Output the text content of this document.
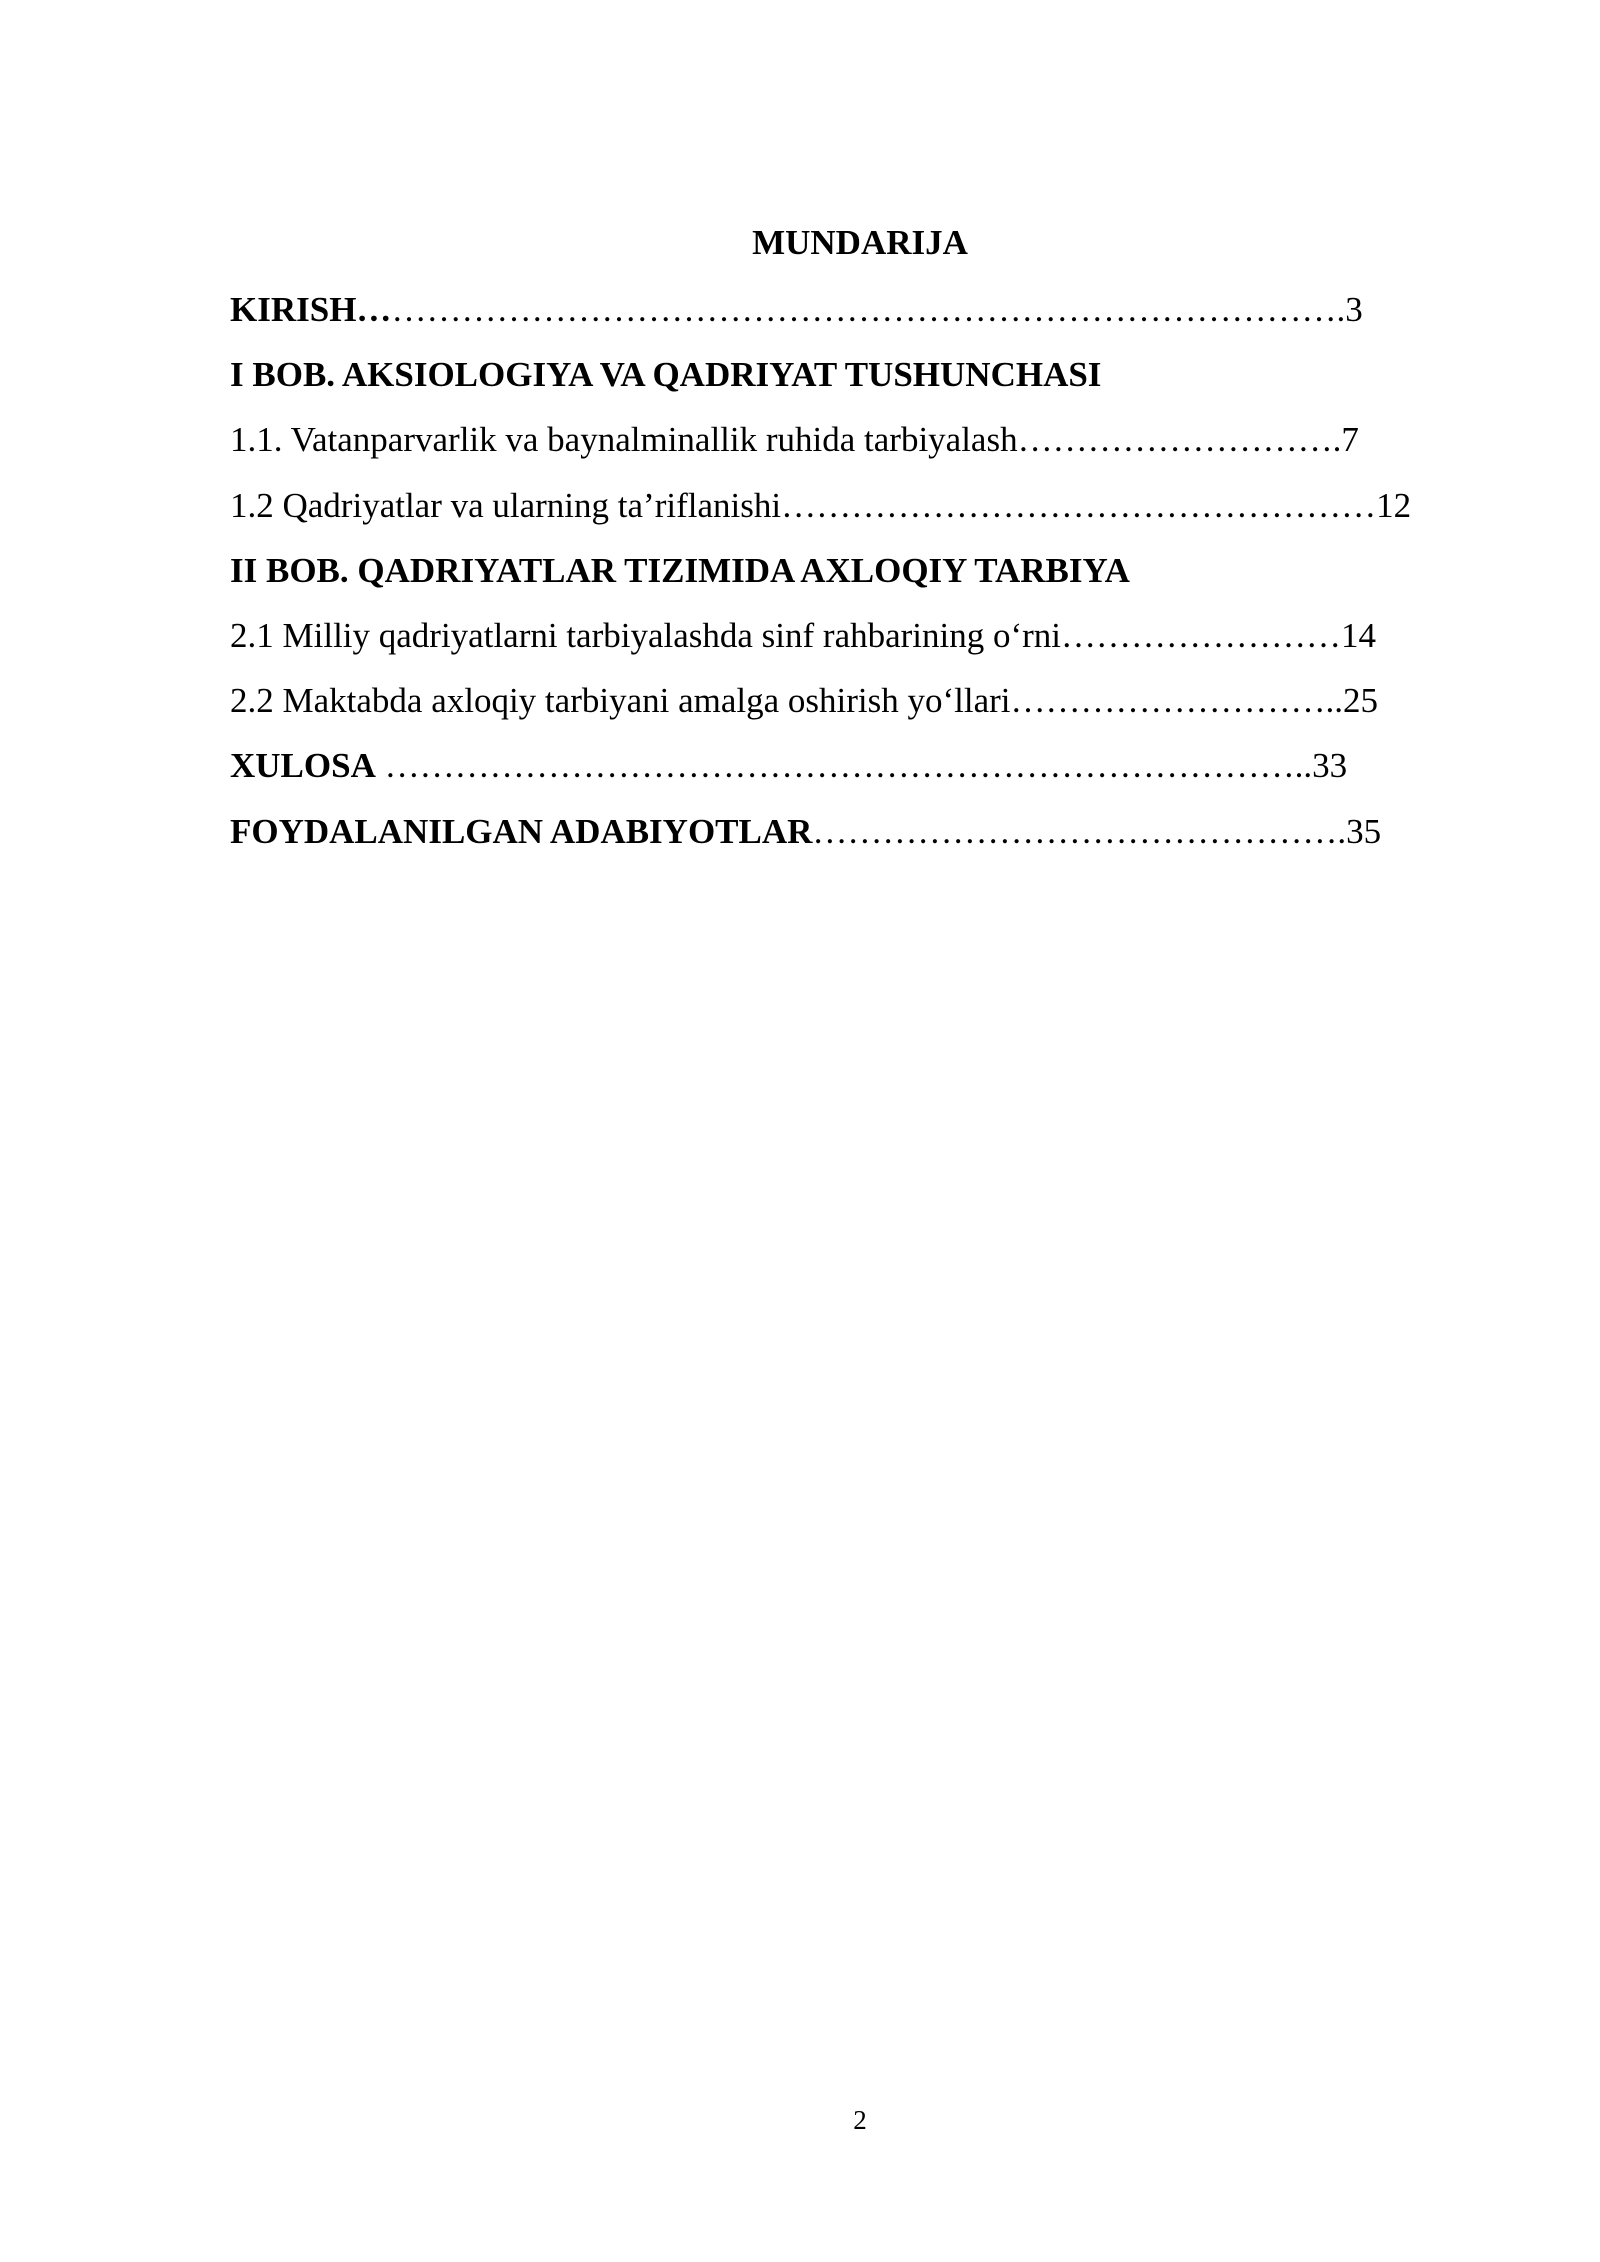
MUNDARIJA
KIRISH………………………………………………………………………….3
I BOB. AKSIOLOGIYA VA QADRIYAT TUSHUNCHASI
1.1. Vatanparvarlik va baynalminallik ruhida tarbiyalash……………………….7
1.2 Qadriyatlar va ularning ta’riflanishi……………………………………………12
II BOB. QADRIYATLAR TIZIMIDA AXLOQIY TARBIYA
2.1 Milliy qadriyatlarni tarbiyalashda sinf rahbarining o‘rni……………………14
2.2 Maktabda axloqiy tarbiyani amalga oshirish yo‘llari………………………..25
XULOSA ……………………………………………………………………..33
FOYDALANILGAN ADABIYOTLAR……………………………………….35
2
